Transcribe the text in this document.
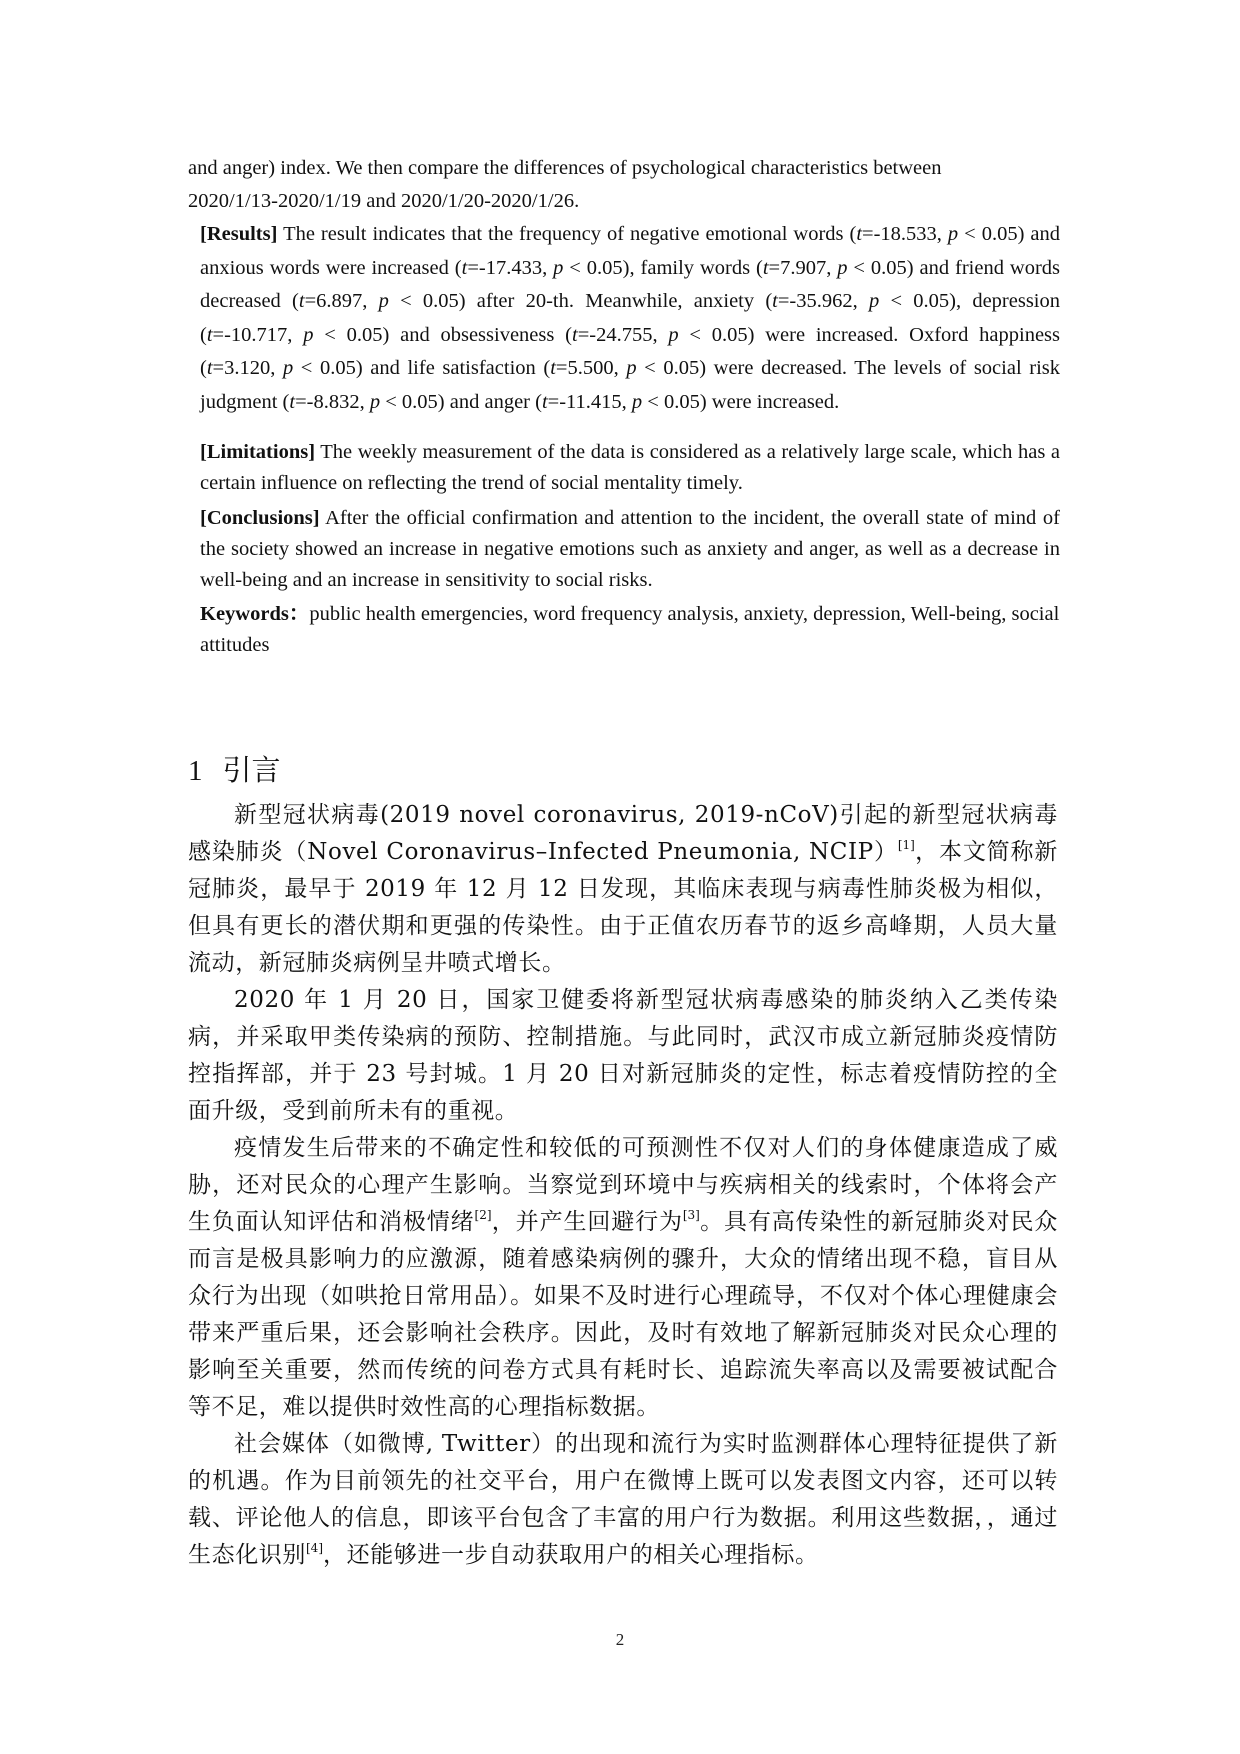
and anger) index. We then compare the differences of psychological characteristics between
2020/1/13-2020/1/19 and 2020/1/20-2020/1/26.

[Results] The result indicates that the frequency of negative emotional words (t=-18.533, p < 0.05) and anxious words were increased (t=-17.433, p < 0.05), family words (t=7.907, p < 0.05) and friend words decreased (t=6.897, p < 0.05) after 20-th. Meanwhile, anxiety (t=-35.962, p < 0.05), depression (t=-10.717, p < 0.05) and obsessiveness (t=-24.755, p < 0.05) were increased. Oxford happiness (t=3.120, p < 0.05) and life satisfaction (t=5.500, p < 0.05) were decreased. The levels of social risk judgment (t=-8.832, p < 0.05) and anger (t=-11.415, p < 0.05) were increased.

[Limitations] The weekly measurement of the data is considered as a relatively large scale, which has a certain influence on reflecting the trend of social mentality timely.

[Conclusions] After the official confirmation and attention to the incident, the overall state of mind of the society showed an increase in negative emotions such as anxiety and anger, as well as a decrease in well-being and an increase in sensitivity to social risks.

Keywords：public health emergencies, word frequency analysis, anxiety, depression, Well-being, social attitudes

1 引言

新型冠状病毒(2019 novel coronavirus, 2019-nCoV)引起的新型冠状病毒感染肺炎（Novel Coronavirus–Infected Pneumonia, NCIP）[1]，本文简称新冠肺炎，最早于 2019 年 12 月 12 日发现，其临床表现与病毒性肺炎极为相似，但具有更长的潜伏期和更强的传染性。由于正值农历春节的返乡高峰期，人员大量流动，新冠肺炎病例呈井喷式增长。

2020 年 1 月 20 日，国家卫健委将新型冠状病毒感染的肺炎纳入乙类传染病，并采取甲类传染病的预防、控制措施。与此同时，武汉市成立新冠肺炎疫情防控指挥部，并于 23 号封城。1 月 20 日对新冠肺炎的定性，标志着疫情防控的全面升级，受到前所未有的重视。

疫情发生后带来的不确定性和较低的可预测性不仅对人们的身体健康造成了威胁，还对民众的心理产生影响。当察觉到环境中与疾病相关的线索时，个体将会产生负面认知评估和消极情绪[2]，并产生回避行为[3]。具有高传染性的新冠肺炎对民众而言是极具影响力的应激源，随着感染病例的骤升，大众的情绪出现不稳，盲目从众行为出现（如哄抢日常用品）。如果不及时进行心理疏导，不仅对个体心理健康会带来严重后果，还会影响社会秩序。因此，及时有效地了解新冠肺炎对民众心理的影响至关重要，然而传统的问卷方式具有耗时长、追踪流失率高以及需要被试配合等不足，难以提供时效性高的心理指标数据。

社会媒体（如微博, Twitter）的出现和流行为实时监测群体心理特征提供了新的机遇。作为目前领先的社交平台，用户在微博上既可以发表图文内容，还可以转载、评论他人的信息，即该平台包含了丰富的用户行为数据。利用这些数据，，通过生态化识别[4]，还能够进一步自动获取用户的相关心理指标。

2
